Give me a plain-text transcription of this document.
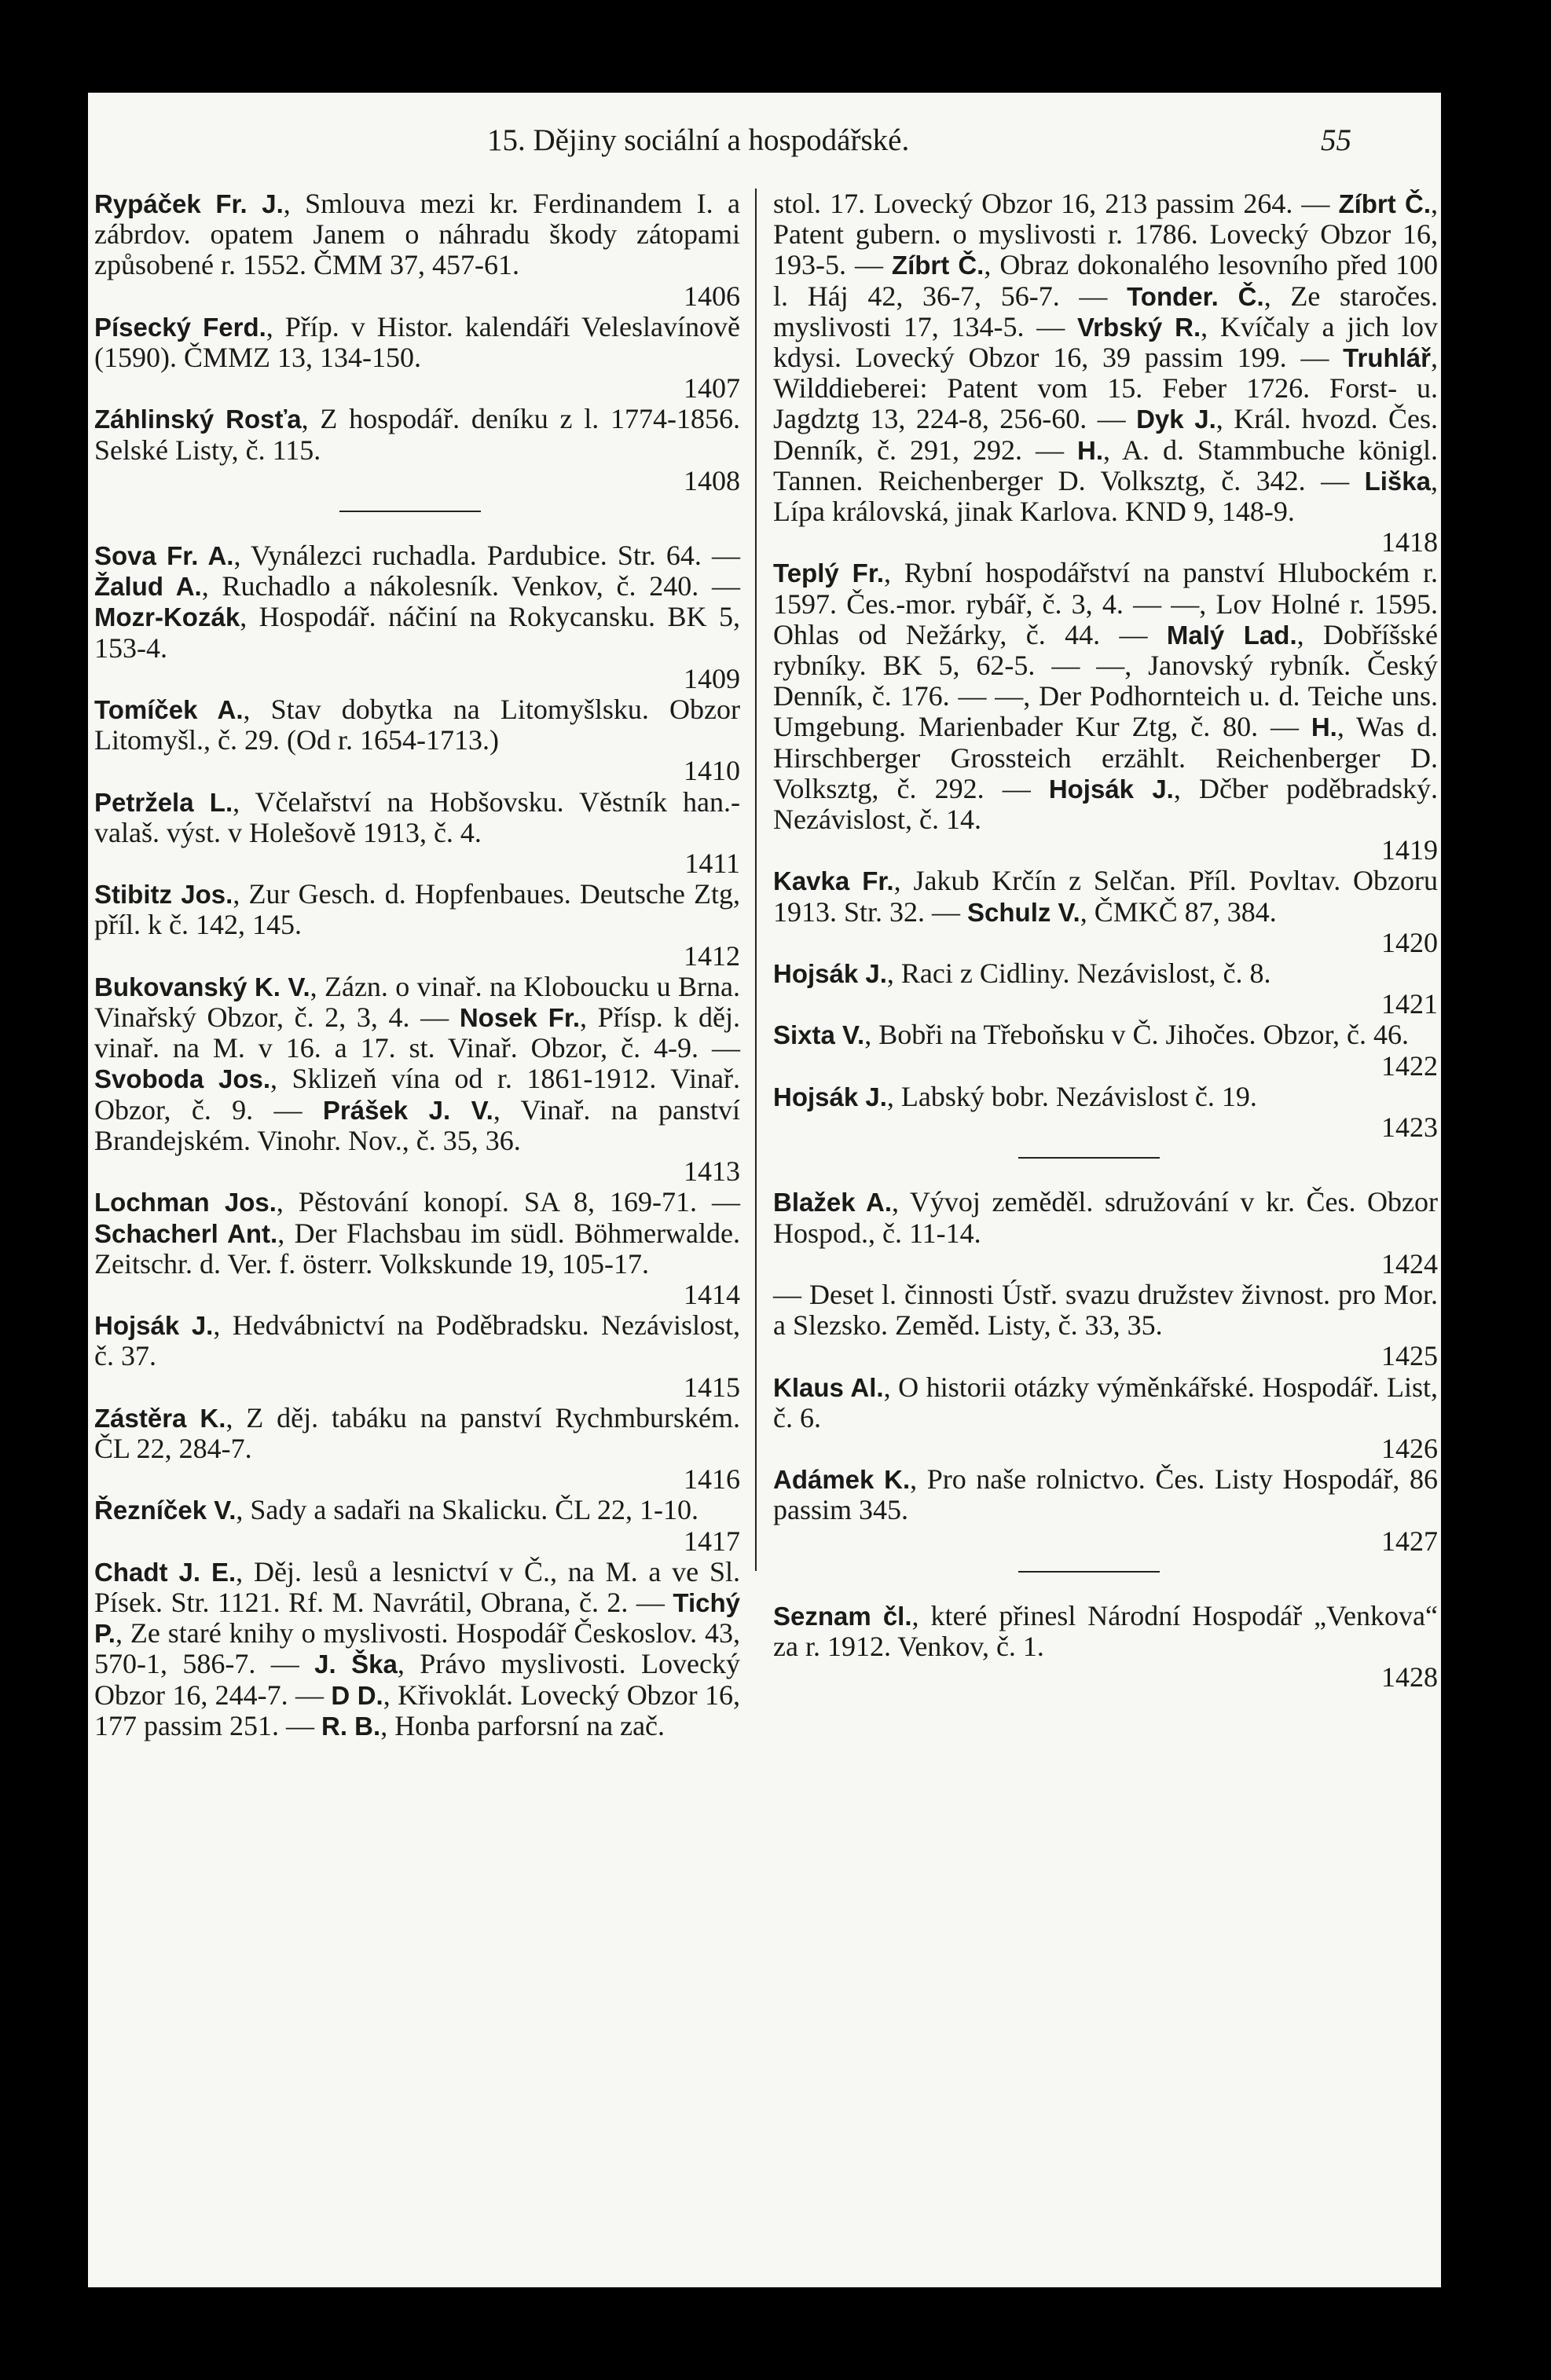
15. Dějiny sociální a hospodářské.	55

Rypáček Fr. J., Smlouva mezi kr. Ferdinandem I. a zábrdov. opatem Janem o náhradu škody zátopami způsobené r. 1552. ČMM 37, 457-61.

1406

Písecký Ferd., Příp. v Histor. kalendáři Veleslavínově (1590). ČMMZ 13, 134-150.

1407

Záhlinský Rosťa, Z hospodář. deníku z l. 1774-1856. Selské Listy, č. 115.

1408

Sova Fr. A., Vynálezci ruchadla. Pardubice. Str. 64. — Žalud A., Ruchadlo a nákolesník. Venkov, č. 240. — Mozr-Kozák, Hospodář. náčiní na Rokycansku. BK 5, 153-4.

1409

Tomíček A., Stav dobytka na Litomyšlsku. Obzor Litomyšl., č. 29. (Od r. 1654-1713.)

1410

Petržela L., Včelařství na Hobšovsku. Věstník han.-valaš. výst. v Holešově 1913, č. 4.

1411

Stibitz Jos., Zur Gesch. d. Hopfenbaues. Deutsche Ztg, příl. k č. 142, 145.

1412

Bukovanský K. V., Zázn. o vinař. na Kloboucku u Brna. Vinařský Obzor, č. 2, 3, 4. — Nosek Fr., Přísp. k děj. vinař. na M. v 16. a 17. st. Vinař. Obzor, č. 4-9. — Svoboda Jos., Sklizeň vína od r. 1861-1912. Vinař. Obzor, č. 9. — Prášek J. V., Vinař. na panství Brandejském. Vinohr. Nov., č. 35, 36.

1413

Lochman Jos., Pěstování konopí. SA 8, 169-71. — Schacherl Ant., Der Flachsbau im südl. Böhmerwalde. Zeitschr. d. Ver. f. österr. Volkskunde 19, 105-17.

1414

Hojsák J., Hedvábnictví na Poděbradsku. Nezávislost, č. 37.

1415

Zástěra K., Z děj. tabáku na panství Rychmburském. ČL 22, 284-7.

1416

Řezníček V., Sady a sadaři na Skalicku. ČL 22, 1-10.

1417

Chadt J. E., Děj. lesů a lesnictví v Č., na M. a ve Sl. Písek. Str. 1121. Rf. M. Navrátil, Obrana, č. 2. — Tichý P., Ze staré knihy o myslivosti. Hospodář Českoslov. 43, 570-1, 586-7. — J. Ška, Právo myslivosti. Lovecký Obzor 16, 244-7. — D D., Křivoklát. Lovecký Obzor 16, 177 passim 251. — R. B., Honba parforsní na zač.

stol. 17. Lovecký Obzor 16, 213 passim 264. — Zíbrt Č., Patent gubern. o myslivosti r. 1786. Lovecký Obzor 16, 193-5. — Zíbrt Č., Obraz dokonalého lesovního před 100 l. Háj 42, 36-7, 56-7. — Tonder. Č., Ze staročes. myslivosti 17, 134-5. — Vrbský R., Kvíčaly a jich lov kdysi. Lovecký Obzor 16, 39 passim 199. — Truhlář, Wilddieberei: Patent vom 15. Feber 1726. Forst- u. Jagdztg 13, 224-8, 256-60. — Dyk J., Král. hvozd. Čes. Denník, č. 291, 292. — H., A. d. Stammbuche königl. Tannen. Reichenberger D. Volksztg, č. 342. — Liška, Lípa královská, jinak Karlova. KND 9, 148-9.

1418

Teplý Fr., Rybní hospodářství na panství Hlubockém r. 1597. Čes.-mor. rybář, č. 3, 4. — —, Lov Holné r. 1595. Ohlas od Nežárky, č. 44. — Malý Lad., Dobříšské rybníky. BK 5, 62-5. — —, Janovský rybník. Český Denník, č. 176. — —, Der Podhornteich u. d. Teiche uns. Umgebung. Marienbader Kur Ztg, č. 80. — H., Was d. Hirschberger Grossteich erzählt. Reichenberger D. Volksztg, č. 292. — Hojsák J., Dčber poděbradský. Nezávislost, č. 14.

1419

Kavka Fr., Jakub Krčín z Selčan. Příl. Povltav. Obzoru 1913. Str. 32. — Schulz V., ČMKČ 87, 384.

1420

Hojsák J., Raci z Cidliny. Nezávislost, č. 8.

1421

Sixta V., Bobři na Třeboňsku v Č. Jihočes. Obzor, č. 46.

1422

Hojsák J., Labský bobr. Nezávislost č. 19.

1423

Blažek A., Vývoj zeměděl. sdružování v kr. Čes. Obzor Hospod., č. 11-14.

1424

— Deset l. činnosti Ústř. svazu družstev živnost. pro Mor. a Slezsko. Zeměd. Listy, č. 33, 35.

1425

Klaus Al., O historii otázky výměnkářské. Hospodář. List, č. 6.

1426

Adámek K., Pro naše rolnictvo. Čes. Listy Hospodář, 86 passim 345.

1427

Seznam čl., které přinesl Národní Hospodář „Venkova“ za r. 1912. Venkov, č. 1.

1428
